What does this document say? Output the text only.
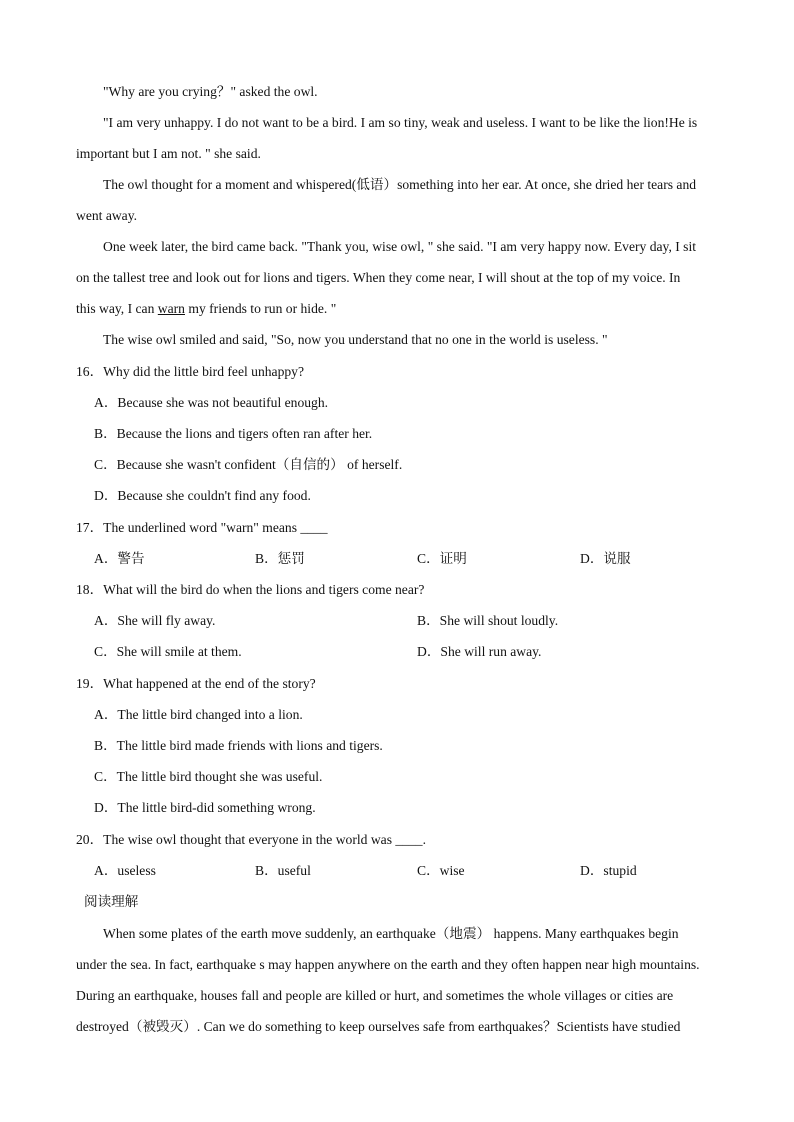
"Why are you crying？" asked the owl.
"I am very unhappy. I do not want to be a bird. I am so tiny, weak and useless. I want to be like the lion!He is
important but I am not. " she said.
The owl thought for a moment and whispered(低语）something into her ear. At once, she dried her tears and
went away.
One week later, the bird came back. "Thank you, wise owl, " she said. "I am very happy now. Every day, I sit
on the tallest tree and look out for lions and tigers. When they come near, I will shout at the top of my voice. In
this way, I can warn my friends to run or hide. "
The wise owl smiled and said, "So, now you understand that no one in the world is useless. "
16．Why did the little bird feel unhappy?
A．Because she was not beautiful enough.
B．Because the lions and tigers often ran after her.
C．Because she wasn't confident（自信的） of herself.
D．Because she couldn't find any food.
17．The underlined word "warn" means ____
A．警告	B．惩罚	C．证明	D．说服
18．What will the bird do when the lions and tigers come near?
A．She will fly away.	B．She will shout loudly.
C．She will smile at them.	D．She will run away.
19．What happened at the end of the story?
A．The little bird changed into a lion.
B．The little bird made friends with lions and tigers.
C．The little bird thought she was useful.
D．The little bird-did something wrong.
20．The wise owl thought that everyone in the world was ____.
A．useless	B．useful	C．wise	D．stupid
阅读理解
When some plates of the earth move suddenly, an earthquake（地震） happens. Many earthquakes begin
under the sea. In fact, earthquake s may happen anywhere on the earth and they often happen near high mountains.
During an earthquake, houses fall and people are killed or hurt, and sometimes the whole villages or cities are
destroyed（被毁灭）. Can we do something to keep ourselves safe from earthquakes？Scientists have studied
